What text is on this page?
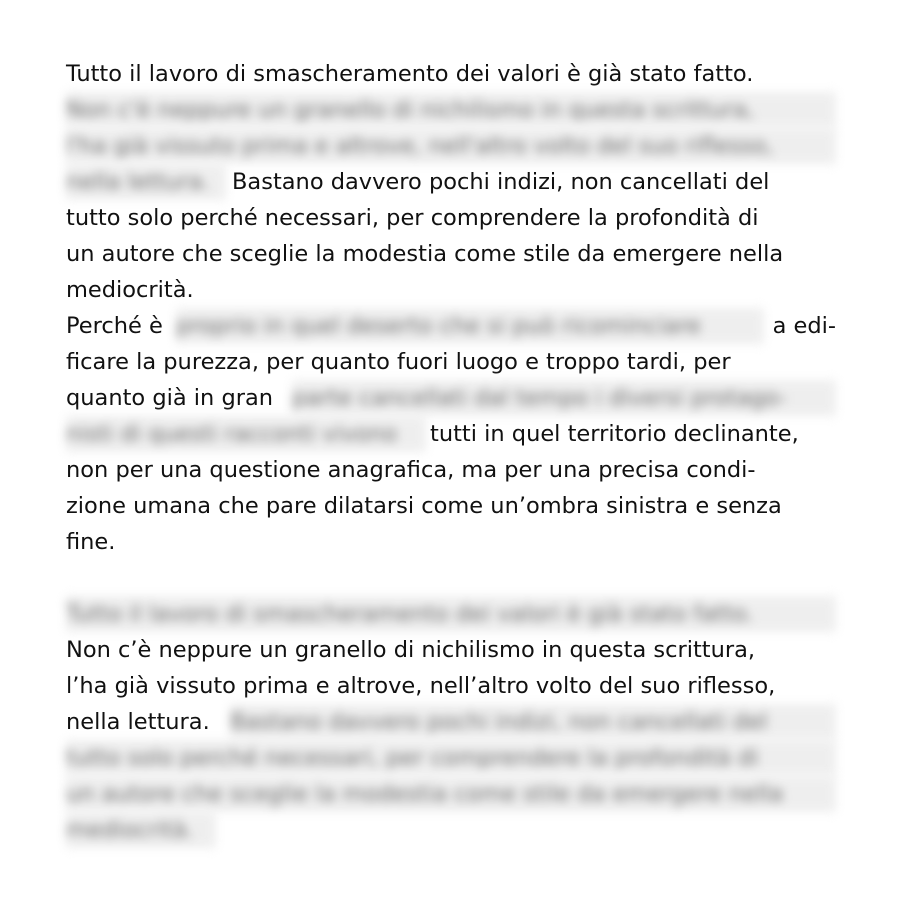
Tutto il lavoro di smascheramento dei valori è già stato fatto.
Non c'è neppure un granello di nichilismo in questa scrittura,
l'ha già vissuto prima e altrove, nell'altro volto del suo riflesso,
nella lettura. Bastano davvero pochi indizi, non cancellati del
tutto solo perché necessari, per comprendere la profondità di
un autore che sceglie la modestia come stile da emergere nella
mediocrità.
Perché è proprio in quel deserto che si può ricominciare	a edi-
ficare la purezza, per quanto fuori luogo e troppo tardi, per
quanto già in gran parte cancellati dal tempo i diversi protago-
nisti di questi racconti vivono	tutti in quel territorio declinante,
non per una questione anagrafica, ma per una precisa condi-
zione umana che pare dilatarsi come un’ombra sinistra e senza
fine.
Tutto il lavoro di smascheramento dei valori è già stato fatto.
Non c’è neppure un granello di nichilismo in questa scrittura,
l’ha già vissuto prima e altrove, nell’altro volto del suo riflesso,
nella lettura. Bastano davvero pochi indizi, non cancellati del
tutto solo perché necessari, per comprendere la profondità di
un autore che sceglie la modestia come stile da emergere nella
mediocrità.
